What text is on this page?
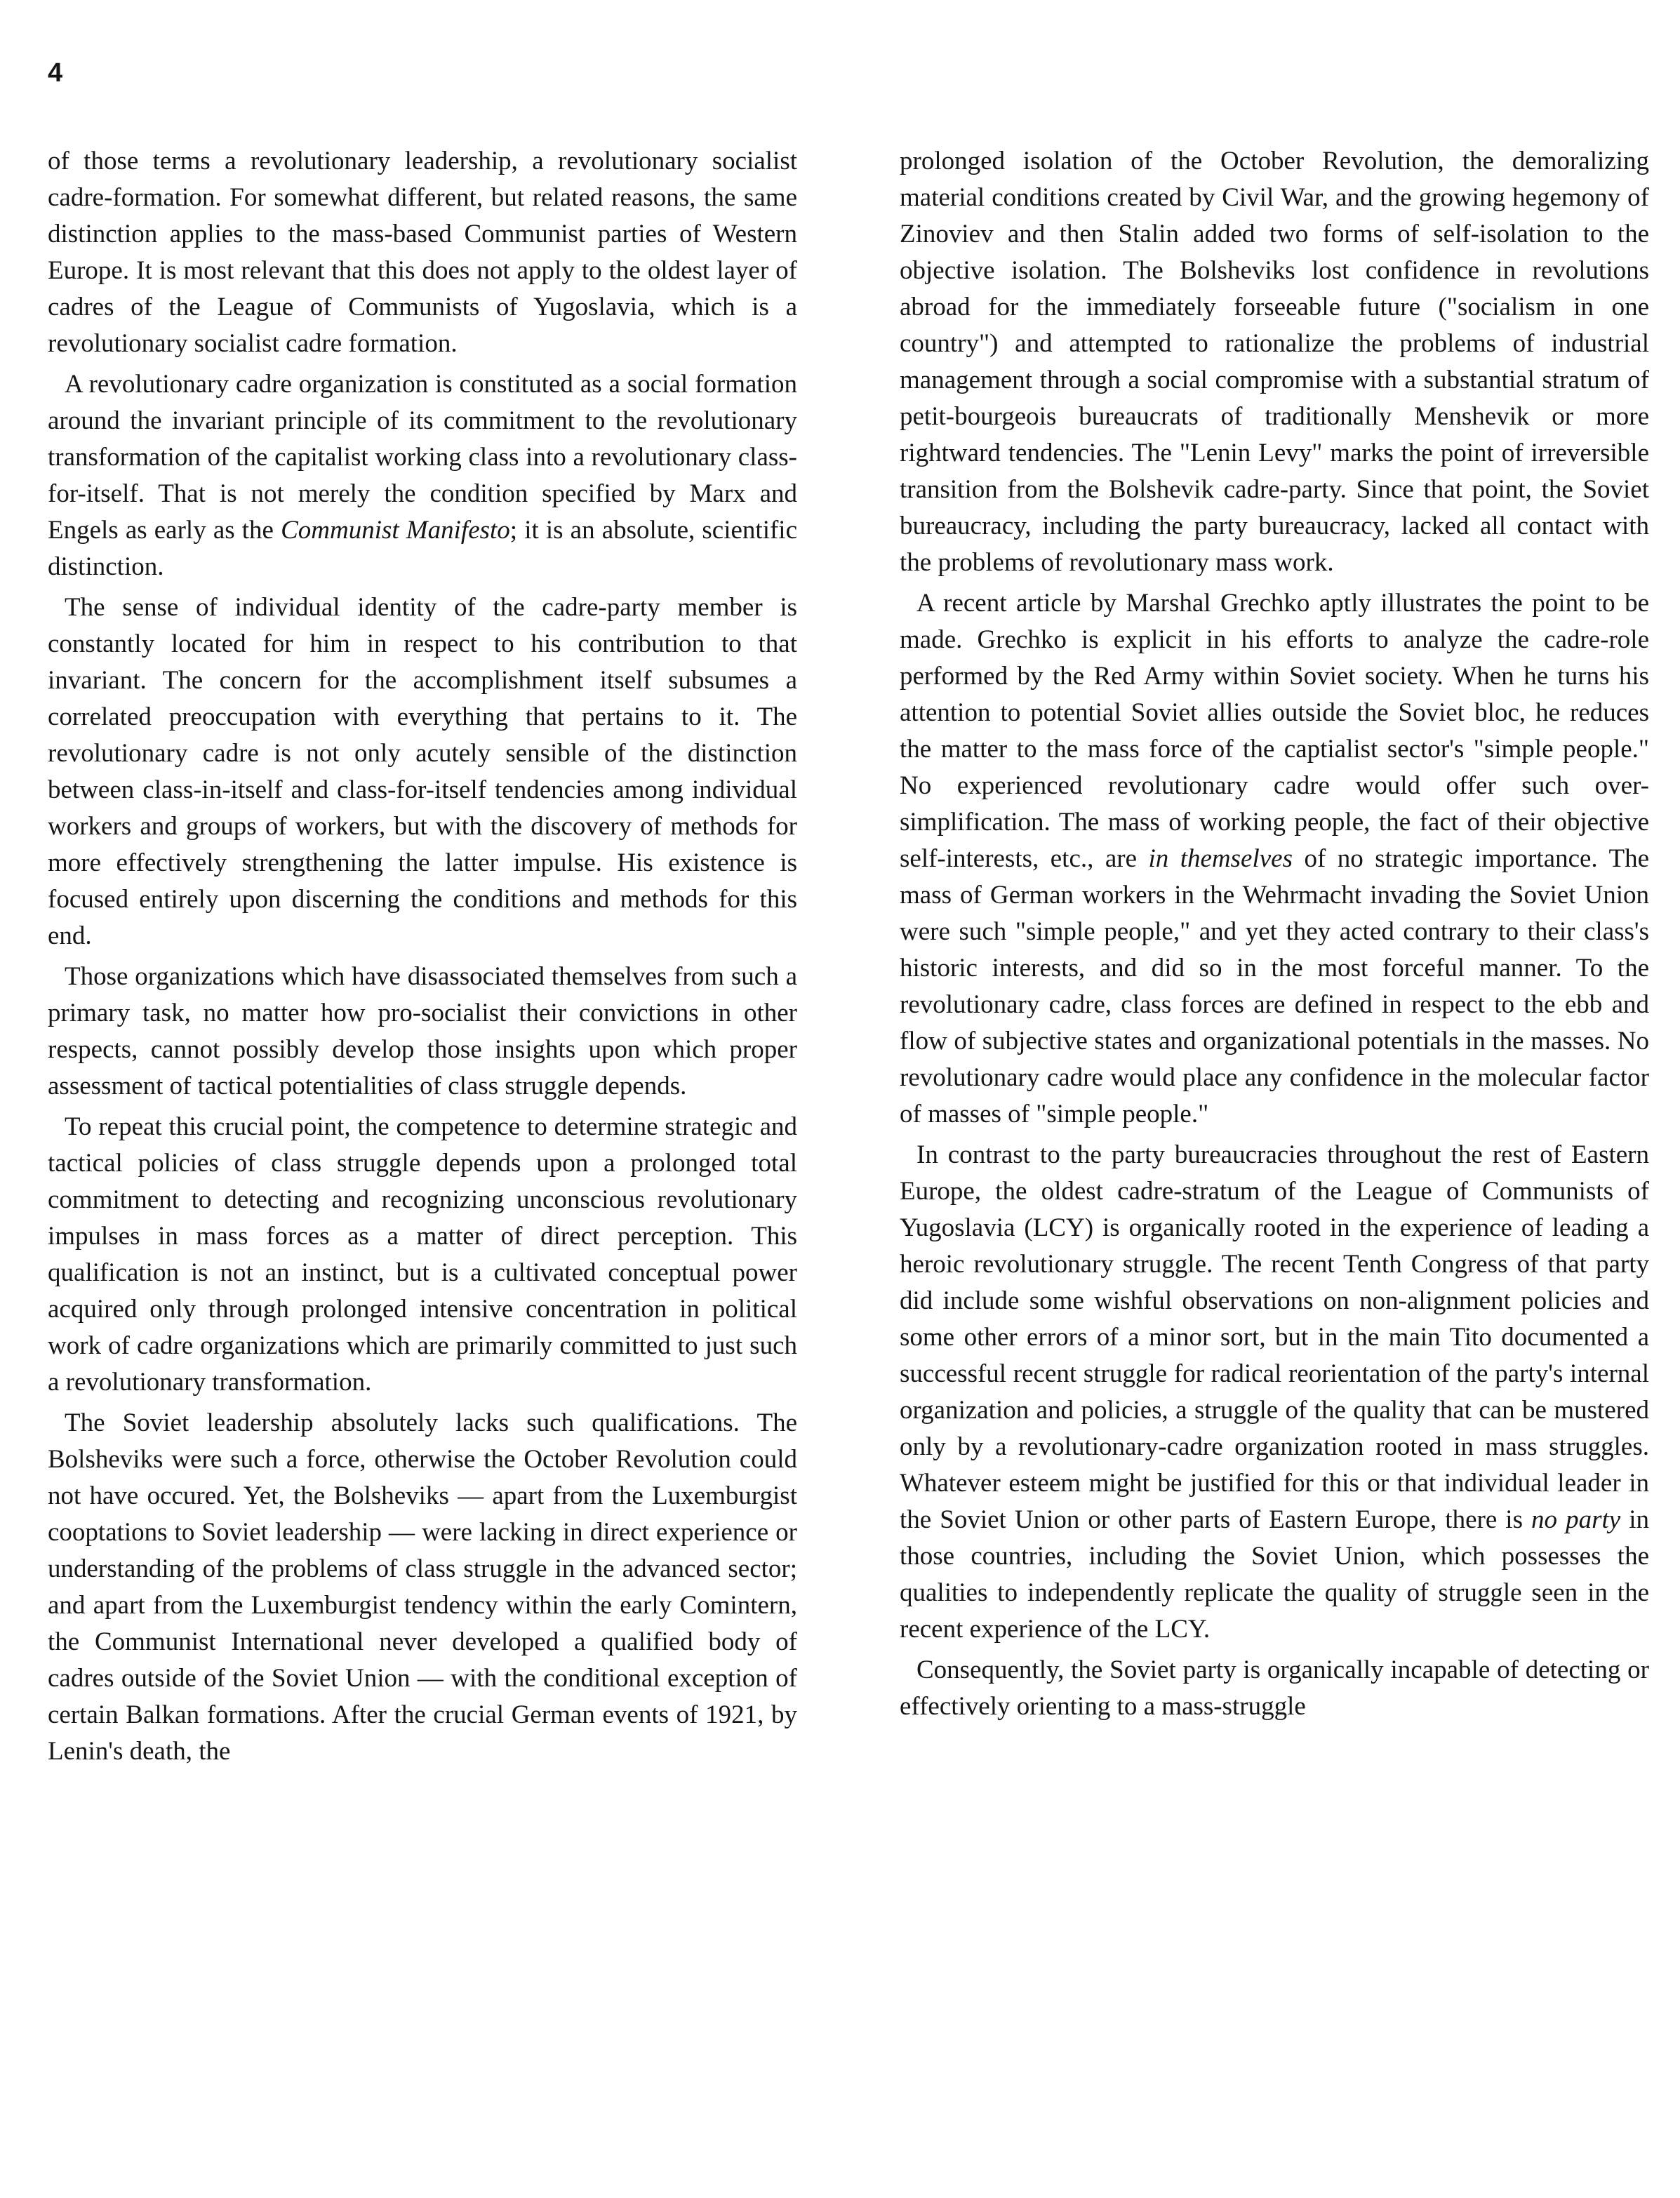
4

of those terms a revolutionary leadership, a revolutionary socialist cadre-formation. For somewhat different, but related reasons, the same distinction applies to the mass-based Communist parties of Western Europe. It is most relevant that this does not apply to the oldest layer of cadres of the League of Communists of Yugoslavia, which is a revolutionary socialist cadre formation.

A revolutionary cadre organization is constituted as a social formation around the invariant principle of its commitment to the revolutionary transformation of the capitalist working class into a revolutionary class-for-itself. That is not merely the condition specified by Marx and Engels as early as the Communist Manifesto; it is an absolute, scientific distinction.

The sense of individual identity of the cadre-party member is constantly located for him in respect to his contribution to that invariant. The concern for the accomplishment itself subsumes a correlated preoccupation with everything that pertains to it. The revolutionary cadre is not only acutely sensible of the distinction between class-in-itself and class-for-itself tendencies among individual workers and groups of workers, but with the discovery of methods for more effectively strengthening the latter impulse. His existence is focused entirely upon discerning the conditions and methods for this end.

Those organizations which have disassociated themselves from such a primary task, no matter how pro-socialist their convictions in other respects, cannot possibly develop those insights upon which proper assessment of tactical potentialities of class struggle depends.

To repeat this crucial point, the competence to determine strategic and tactical policies of class struggle depends upon a prolonged total commitment to detecting and recognizing unconscious revolutionary impulses in mass forces as a matter of direct perception. This qualification is not an instinct, but is a cultivated conceptual power acquired only through prolonged intensive concentration in political work of cadre organizations which are primarily committed to just such a revolutionary transformation.

The Soviet leadership absolutely lacks such qualifications. The Bolsheviks were such a force, otherwise the October Revolution could not have occured. Yet, the Bolsheviks — apart from the Luxemburgist cooptations to Soviet leadership — were lacking in direct experience or understanding of the problems of class struggle in the advanced sector; and apart from the Luxemburgist tendency within the early Comintern, the Communist International never developed a qualified body of cadres outside of the Soviet Union — with the conditional exception of certain Balkan formations. After the crucial German events of 1921, by Lenin's death, the

prolonged isolation of the October Revolution, the demoralizing material conditions created by Civil War, and the growing hegemony of Zinoviev and then Stalin added two forms of self-isolation to the objective isolation. The Bolsheviks lost confidence in revolutions abroad for the immediately forseeable future ("socialism in one country") and attempted to rationalize the problems of industrial management through a social compromise with a substantial stratum of petit-bourgeois bureaucrats of traditionally Menshevik or more rightward tendencies. The "Lenin Levy" marks the point of irreversible transition from the Bolshevik cadre-party. Since that point, the Soviet bureaucracy, including the party bureaucracy, lacked all contact with the problems of revolutionary mass work.

A recent article by Marshal Grechko aptly illustrates the point to be made. Grechko is explicit in his efforts to analyze the cadre-role performed by the Red Army within Soviet society. When he turns his attention to potential Soviet allies outside the Soviet bloc, he reduces the matter to the mass force of the captialist sector's "simple people." No experienced revolutionary cadre would offer such over-simplification. The mass of working people, the fact of their objective self-interests, etc., are in themselves of no strategic importance. The mass of German workers in the Wehrmacht invading the Soviet Union were such "simple people," and yet they acted contrary to their class's historic interests, and did so in the most forceful manner. To the revolutionary cadre, class forces are defined in respect to the ebb and flow of subjective states and organizational potentials in the masses. No revolutionary cadre would place any confidence in the molecular factor of masses of "simple people."

In contrast to the party bureaucracies throughout the rest of Eastern Europe, the oldest cadre-stratum of the League of Communists of Yugoslavia (LCY) is organically rooted in the experience of leading a heroic revolutionary struggle. The recent Tenth Congress of that party did include some wishful observations on non-alignment policies and some other errors of a minor sort, but in the main Tito documented a successful recent struggle for radical reorientation of the party's internal organization and policies, a struggle of the quality that can be mustered only by a revolutionary-cadre organization rooted in mass struggles. Whatever esteem might be justified for this or that individual leader in the Soviet Union or other parts of Eastern Europe, there is no party in those countries, including the Soviet Union, which possesses the qualities to independently replicate the quality of struggle seen in the recent experience of the LCY.

Consequently, the Soviet party is organically incapable of detecting or effectively orienting to a mass-struggle
